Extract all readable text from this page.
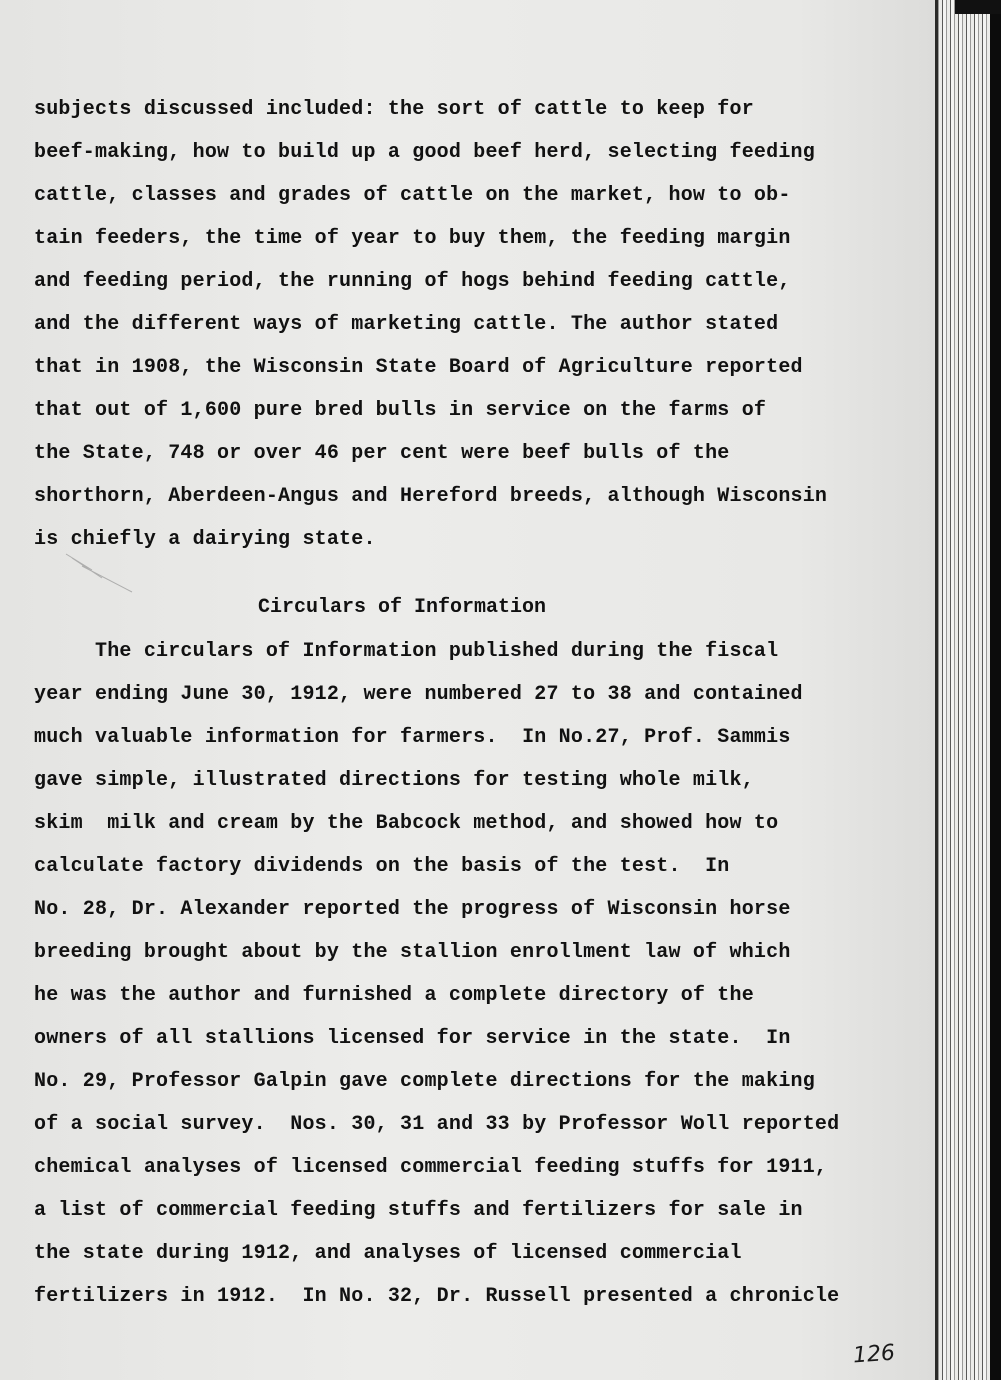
subjects discussed included: the sort of cattle to keep for
beef-making, how to build up a good beef herd, selecting feeding
cattle, classes and grades of cattle on the market, how to ob-
tain feeders, the time of year to buy them, the feeding margin
and feeding period, the running of hogs behind feeding cattle,
and the different ways of marketing cattle. The author stated
that in 1908, the Wisconsin State Board of Agriculture reported
that out of 1,600 pure bred bulls in service on the farms of
the State, 748 or over 46 per cent were beef bulls of the
shorthorn, Aberdeen-Angus and Hereford breeds, although Wisconsin
is chiefly a dairying state.
Circulars of Information
The circulars of Information published during the fiscal
year ending June 30, 1912, were numbered 27 to 38 and contained
much valuable information for farmers.  In No.27, Prof. Sammis
gave simple, illustrated directions for testing whole milk,
skim  milk and cream by the Babcock method, and showed how to
calculate factory dividends on the basis of the test.  In
No. 28, Dr. Alexander reported the progress of Wisconsin horse
breeding brought about by the stallion enrollment law of which
he was the author and furnished a complete directory of the
owners of all stallions licensed for service in the state.  In
No. 29, Professor Galpin gave complete directions for the making
of a social survey.  Nos. 30, 31 and 33 by Professor Woll reported
chemical analyses of licensed commercial feeding stuffs for 1911,
a list of commercial feeding stuffs and fertilizers for sale in
the state during 1912, and analyses of licensed commercial
fertilizers in 1912.  In No. 32, Dr. Russell presented a chronicle
126
